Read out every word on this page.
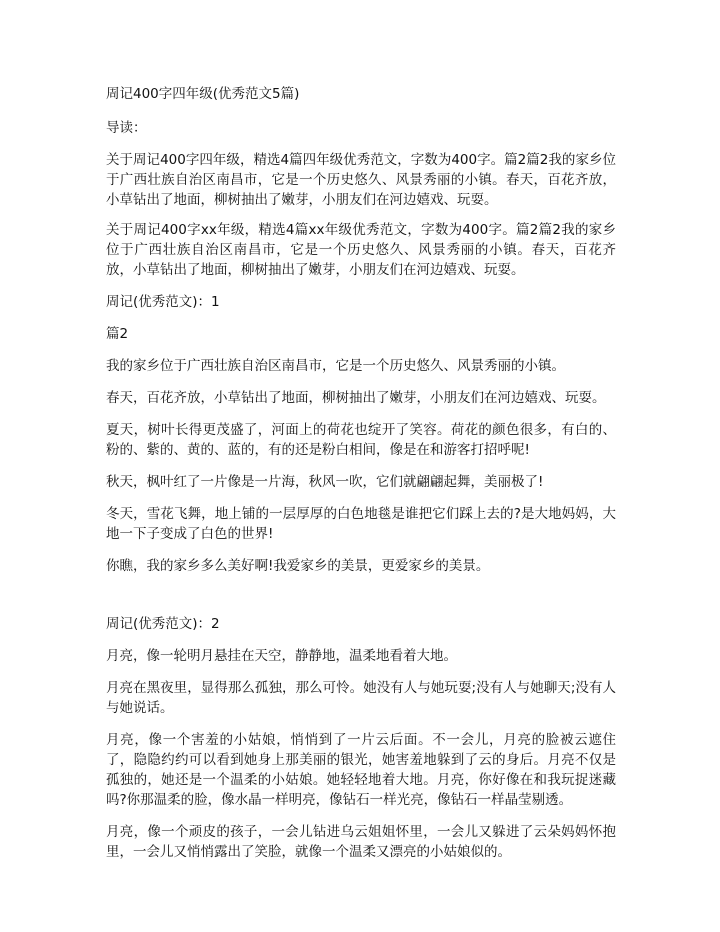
周记400字四年级(优秀范文5篇)
导读：
关于周记400字四年级，精选4篇四年级优秀范文，字数为400字。篇2篇2我的家乡位于广西壮族自治区南昌市，它是一个历史悠久、风景秀丽的小镇。春天，百花齐放，小草钻出了地面，柳树抽出了嫩芽，小朋友们在河边嬉戏、玩耍。
关于周记400字xx年级，精选4篇xx年级优秀范文，字数为400字。篇2篇2我的家乡位于广西壮族自治区南昌市，它是一个历史悠久、风景秀丽的小镇。春天，百花齐放，小草钻出了地面，柳树抽出了嫩芽，小朋友们在河边嬉戏、玩耍。
周记(优秀范文)：1
篇2
我的家乡位于广西壮族自治区南昌市，它是一个历史悠久、风景秀丽的小镇。
春天，百花齐放，小草钻出了地面，柳树抽出了嫩芽，小朋友们在河边嬉戏、玩耍。
夏天，树叶长得更茂盛了，河面上的荷花也绽开了笑容。荷花的颜色很多，有白的、粉的、紫的、黄的、蓝的，有的还是粉白相间，像是在和游客打招呼呢!
秋天，枫叶红了一片像是一片海，秋风一吹，它们就翩翩起舞，美丽极了!
冬天，雪花飞舞，地上铺的一层厚厚的白色地毯是谁把它们踩上去的?是大地妈妈，大地一下子变成了白色的世界!
你瞧，我的家乡多么美好啊!我爱家乡的美景，更爱家乡的美景。
周记(优秀范文)：2
月亮，像一轮明月悬挂在天空，静静地，温柔地看着大地。
月亮在黑夜里，显得那么孤独，那么可怜。她没有人与她玩耍;没有人与她聊天;没有人与她说话。
月亮，像一个害羞的小姑娘，悄悄到了一片云后面。不一会儿，月亮的脸被云遮住了，隐隐约约可以看到她身上那美丽的银光，她害羞地躲到了云的身后。月亮不仅是孤独的，她还是一个温柔的小姑娘。她轻轻地着大地。月亮，你好像在和我玩捉迷藏吗?你那温柔的脸，像水晶一样明亮，像钻石一样光亮，像钻石一样晶莹剔透。
月亮，像一个顽皮的孩子，一会儿钻进乌云姐姐怀里，一会儿又躲进了云朵妈妈怀抱里，一会儿又悄悄露出了笑脸，就像一个温柔又漂亮的小姑娘似的。
